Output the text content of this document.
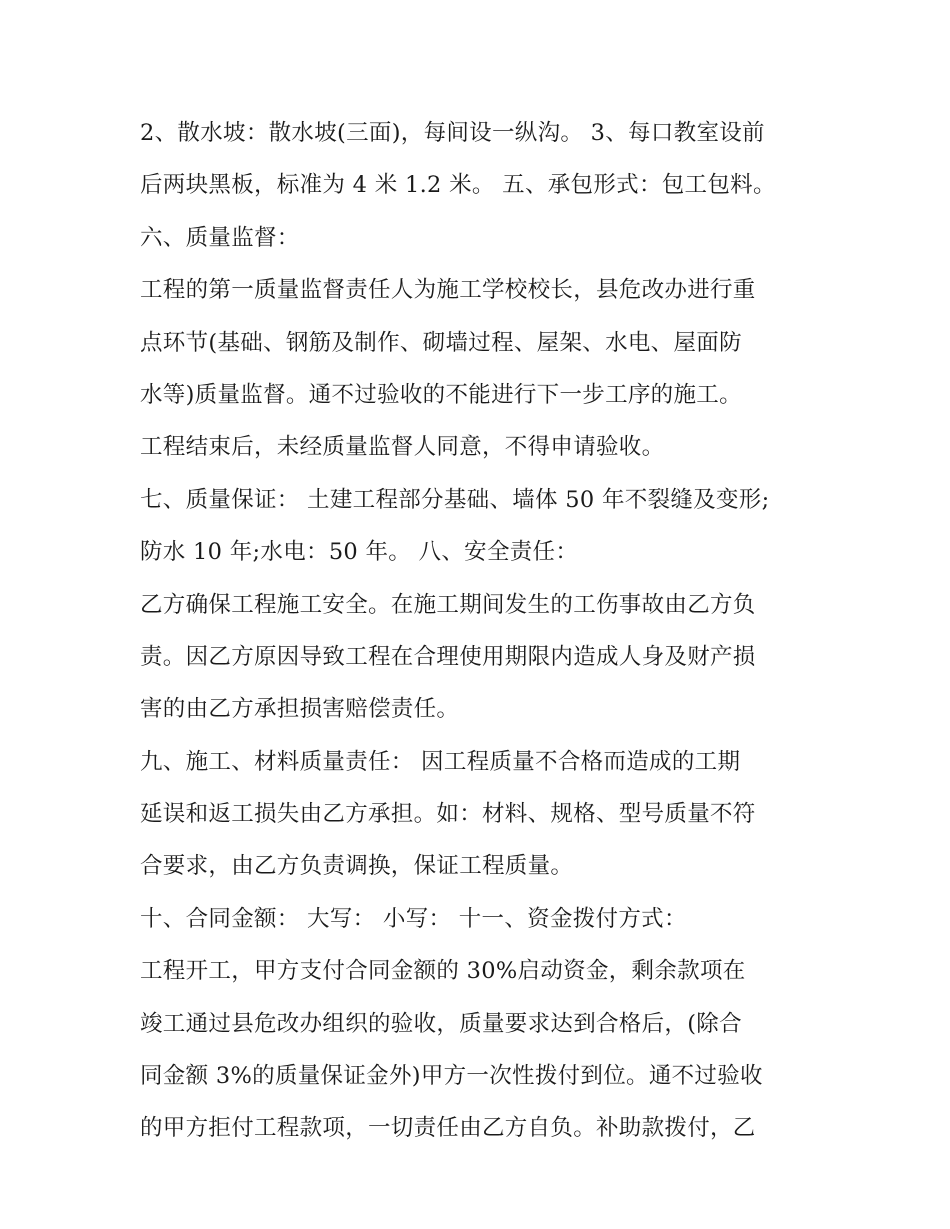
2、散水坡：散水坡(三面)，每间设一纵沟。 3、每口教室设前
后两块黑板，标准为 4 米 1.2 米。 五、承包形式：包工包料。
六、质量监督：
工程的第一质量监督责任人为施工学校校长，县危改办进行重
点环节(基础、钢筋及制作、砌墙过程、屋架、水电、屋面防
水等)质量监督。通不过验收的不能进行下一步工序的施工。
工程结束后，未经质量监督人同意，不得申请验收。
七、质量保证： 土建工程部分基础、墙体 50 年不裂缝及变形;
防水 10 年;水电：50 年。 八、安全责任：
乙方确保工程施工安全。在施工期间发生的工伤事故由乙方负
责。因乙方原因导致工程在合理使用期限内造成人身及财产损
害的由乙方承担损害赔偿责任。
九、施工、材料质量责任： 因工程质量不合格而造成的工期
延误和返工损失由乙方承担。如：材料、规格、型号质量不符
合要求，由乙方负责调换，保证工程质量。
十、合同金额： 大写： 小写： 十一、资金拨付方式：
工程开工，甲方支付合同金额的 30%启动资金，剩余款项在
竣工通过县危改办组织的验收，质量要求达到合格后，(除合
同金额 3%的质量保证金外)甲方一次性拨付到位。通不过验收
的甲方拒付工程款项，一切责任由乙方自负。补助款拨付，乙
